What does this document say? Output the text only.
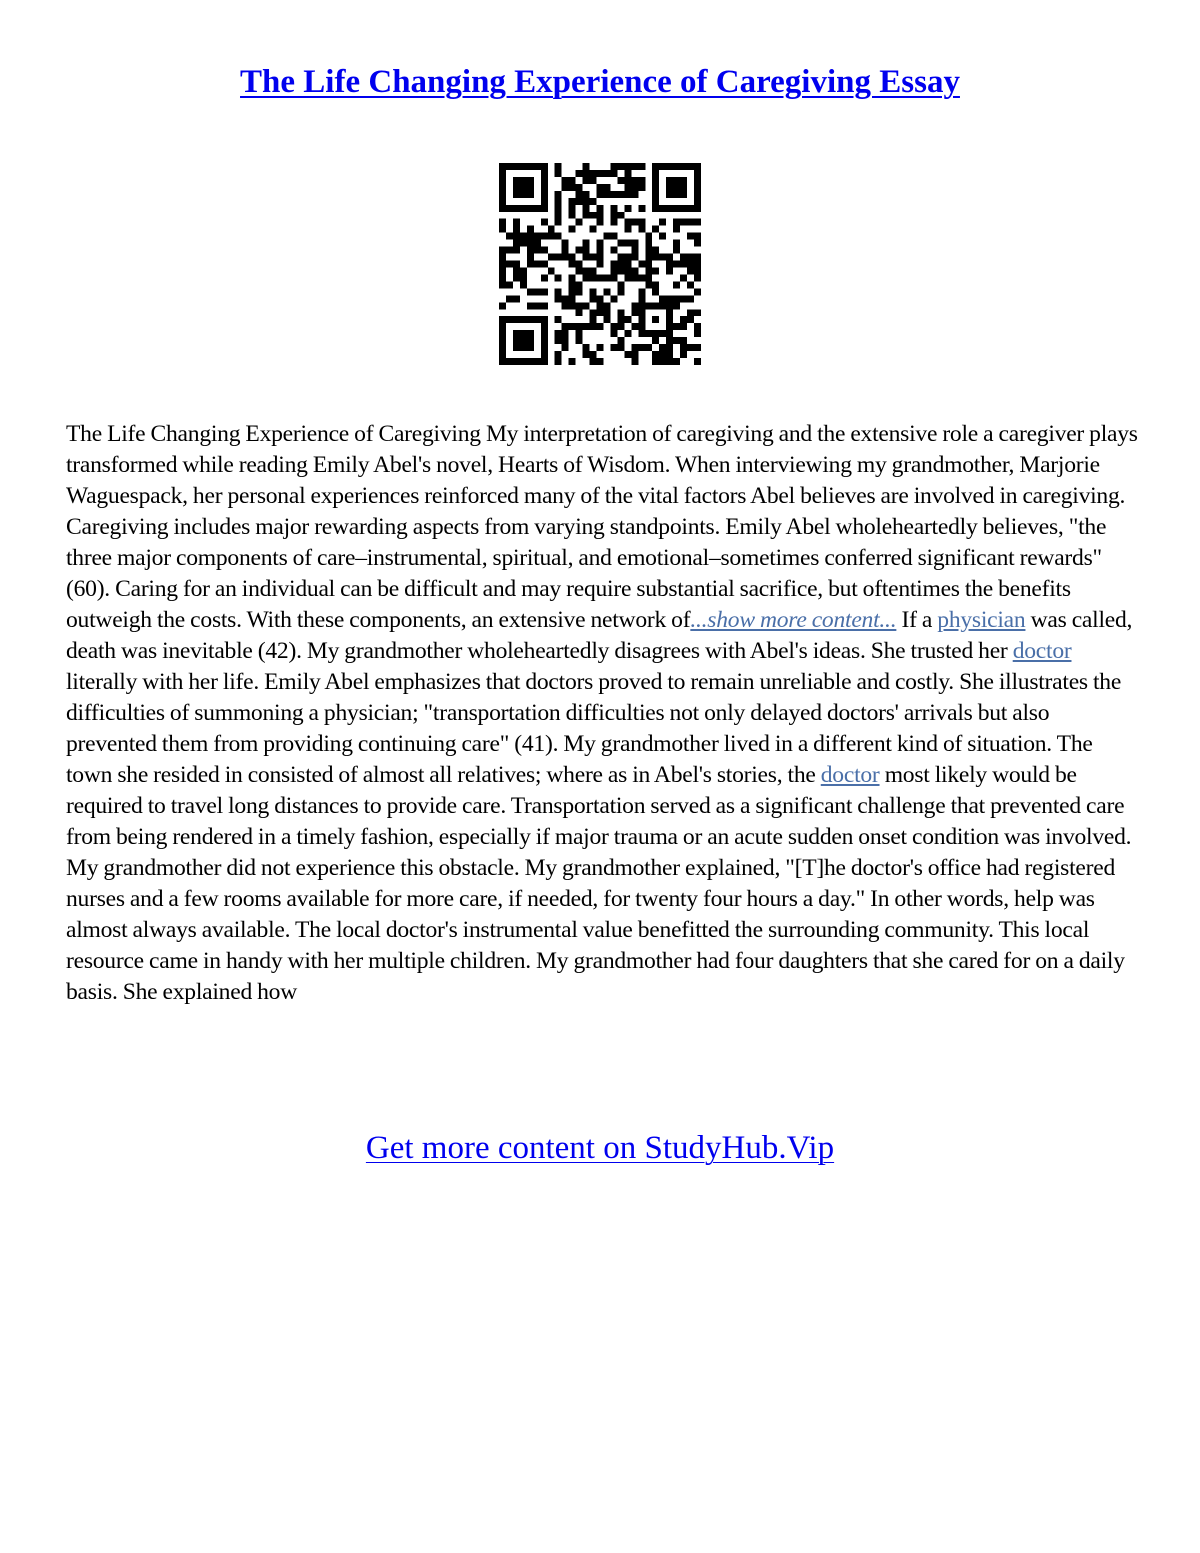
The Life Changing Experience of Caregiving Essay

The Life Changing Experience of Caregiving My interpretation of caregiving and the extensive role a caregiver plays transformed while reading Emily Abel's novel, Hearts of Wisdom. When interviewing my grandmother, Marjorie Waguespack, her personal experiences reinforced many of the vital factors Abel believes are involved in caregiving. Caregiving includes major rewarding aspects from varying standpoints. Emily Abel wholeheartedly believes, "the three major components of care–instrumental, spiritual, and emotional–sometimes conferred significant rewards" (60). Caring for an individual can be difficult and may require substantial sacrifice, but oftentimes the benefits outweigh the costs. With these components, an extensive network of...show more content... If a physician was called, death was inevitable (42). My grandmother wholeheartedly disagrees with Abel's ideas. She trusted her doctor literally with her life. Emily Abel emphasizes that doctors proved to remain unreliable and costly. She illustrates the difficulties of summoning a physician; "transportation difficulties not only delayed doctors' arrivals but also prevented them from providing continuing care" (41). My grandmother lived in a different kind of situation. The town she resided in consisted of almost all relatives; where as in Abel's stories, the doctor most likely would be required to travel long distances to provide care. Transportation served as a significant challenge that prevented care from being rendered in a timely fashion, especially if major trauma or an acute sudden onset condition was involved. My grandmother did not experience this obstacle. My grandmother explained, "[T]he doctor's office had registered nurses and a few rooms available for more care, if needed, for twenty four hours a day." In other words, help was almost always available. The local doctor's instrumental value benefitted the surrounding community. This local resource came in handy with her multiple children. My grandmother had four daughters that she cared for on a daily basis. She explained how

Get more content on StudyHub.Vip
